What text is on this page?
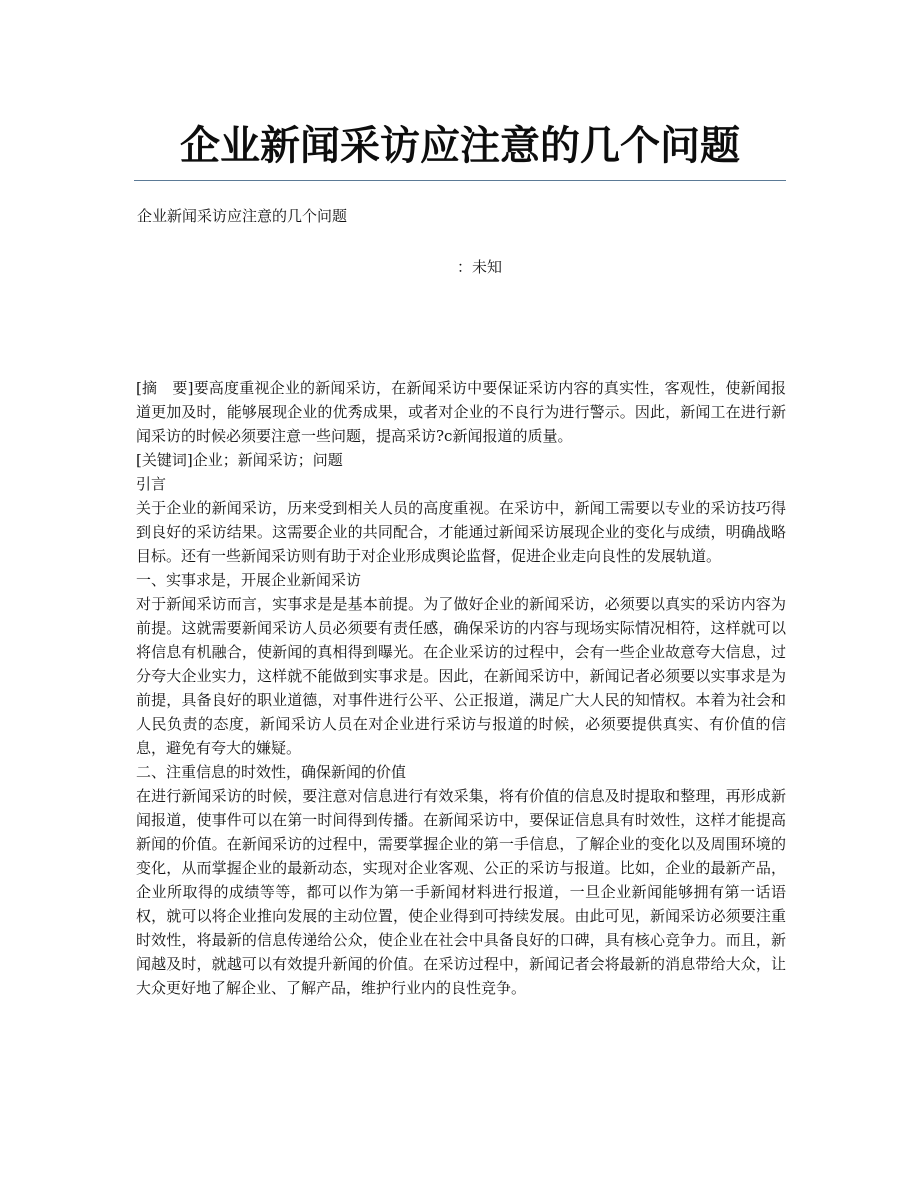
企业新闻采访应注意的几个问题
企业新闻采访应注意的几个问题
：未知

[摘　要]要高度重视企业的新闻采访，在新闻采访中要保证采访内容的真实性，客观性，使新闻报道更加及时，能够展现企业的优秀成果，或者对企业的不良行为进行警示。因此，新闻工在进行新闻采访的时候必须要注意一些问题，提高采访?c新闻报道的质量。

[关键词]企业；新闻采访；问题

引言

关于企业的新闻采访，历来受到相关人员的高度重视。在采访中，新闻工需要以专业的采访技巧得到良好的采访结果。这需要企业的共同配合，才能通过新闻采访展现企业的变化与成绩，明确战略目标。还有一些新闻采访则有助于对企业形成舆论监督，促进企业走向良性的发展轨道。

一、实事求是，开展企业新闻采访

对于新闻采访而言，实事求是是基本前提。为了做好企业的新闻采访，必须要以真实的采访内容为前提。这就需要新闻采访人员必须要有责任感，确保采访的内容与现场实际情况相符，这样就可以将信息有机融合，使新闻的真相得到曝光。在企业采访的过程中，会有一些企业故意夸大信息，过分夸大企业实力，这样就不能做到实事求是。因此，在新闻采访中，新闻记者必须要以实事求是为前提，具备良好的职业道德，对事件进行公平、公正报道，满足广大人民的知情权。本着为社会和人民负责的态度，新闻采访人员在对企业进行采访与报道的时候，必须要提供真实、有价值的信息，避免有夸大的嫌疑。

二、注重信息的时效性，确保新闻的价值

在进行新闻采访的时候，要注意对信息进行有效采集，将有价值的信息及时提取和整理，再形成新闻报道，使事件可以在第一时间得到传播。在新闻采访中，要保证信息具有时效性，这样才能提高新闻的价值。在新闻采访的过程中，需要掌握企业的第一手信息，了解企业的变化以及周围环境的变化，从而掌握企业的最新动态，实现对企业客观、公正的采访与报道。比如，企业的最新产品，企业所取得的成绩等等，都可以作为第一手新闻材料进行报道，一旦企业新闻能够拥有第一话语权，就可以将企业推向发展的主动位置，使企业得到可持续发展。由此可见，新闻采访必须要注重时效性，将最新的信息传递给公众，使企业在社会中具备良好的口碑，具有核心竞争力。而且，新闻越及时，就越可以有效提升新闻的价值。在采访过程中，新闻记者会将最新的消息带给大众，让大众更好地了解企业、了解产品，维护行业内的良性竞争。
